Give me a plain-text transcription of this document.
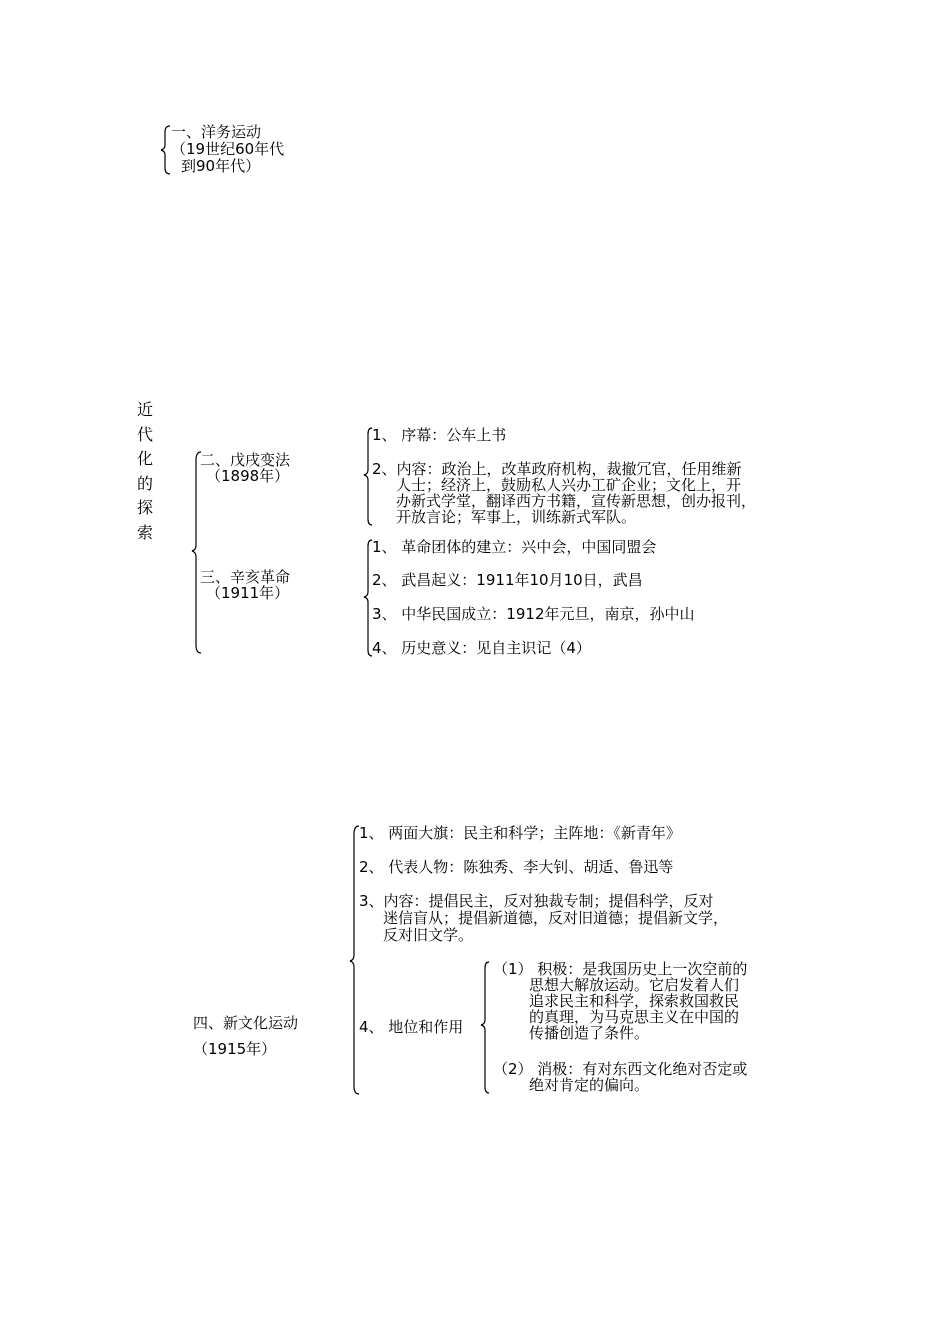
近代化的探索
一、洋务运动
（19世纪60年代
到90年代）
二、戊戌变法
（1898年）
1、 序幕：公车上书
2、内容：政治上，改革政府机构，裁撤冗官，任用维新
人士；经济上，鼓励私人兴办工矿企业；文化上，开
办新式学堂，翻译西方书籍，宣传新思想，创办报刊，
开放言论；军事上，训练新式军队。
三、辛亥革命
（1911年）
1、 革命团体的建立：兴中会，中国同盟会
2、 武昌起义：1911年10月10日，武昌
3、 中华民国成立：1912年元旦，南京，孙中山
4、 历史意义：见自主识记（4）
四、新文化运动
（1915年）
1、 两面大旗：民主和科学；主阵地：《新青年》
2、 代表人物：陈独秀、李大钊、胡适、鲁迅等
3、内容：提倡民主，反对独裁专制；提倡科学，反对
迷信盲从；提倡新道德，反对旧道德；提倡新文学，
反对旧文学。
4、 地位和作用
（1） 积极：是我国历史上一次空前的
思想大解放运动。它启发着人们
追求民主和科学，探索救国救民
的真理，为马克思主义在中国的
传播创造了条件。
（2） 消极：有对东西文化绝对否定或
绝对肯定的偏向。
